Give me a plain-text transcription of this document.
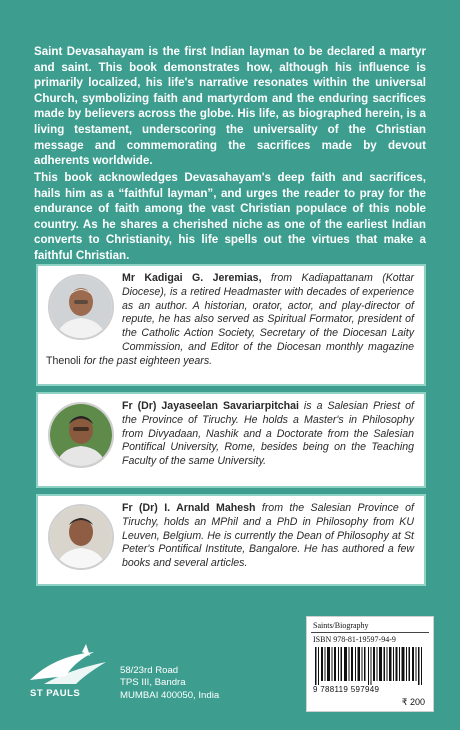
Saint Devasahayam is the first Indian layman to be declared a martyr and saint. This book demonstrates how, although his influence is primarily localized, his life's narrative resonates within the universal Church, symbolizing faith and martyrdom and the enduring sacrifices made by believers across the globe. His life, as biographed herein, is a living testament, underscoring the universality of the Christian message and commemorating the sacrifices made by devout adherents worldwide.

This book acknowledges Devasahayam's deep faith and sacrifices, hails him as a “faithful layman”, and urges the reader to pray for the endurance of faith among the vast Christian populace of this noble country. As he shares a cherished niche as one of the earliest Indian converts to Christianity, his life spells out the virtues that make a faithful Christian.

Mr Kadigai G. Jeremias, from Kadiapattanam (Kottar Diocese), is a retired Headmaster with decades of experience as an author. A historian, orator, actor, and play-director of repute, he has also served as Spiritual Formator, president of the Catholic Action Society, Secretary of the Diocesan Laity Commission, and Editor of the Diocesan monthly magazine Thenoli for the past eighteen years.
Fr (Dr) Jayaseelan Savariarpitchai is a Salesian Priest of the Province of Tiruchy. He holds a Master's in Philosophy from Divyadaan, Nashik and a Doctorate from the Salesian Pontifical University, Rome, besides being on the Teaching Faculty of the same University.
Fr (Dr) I. Arnald Mahesh from the Salesian Province of Tiruchy, holds an MPhil and a PhD in Philosophy from KU Leuven, Belgium. He is currently the Dean of Philosophy at St Peter's Pontifical Institute, Bangalore. He has authored a few books and several articles.
ST PAULS
58/23rd Road
TPS III, Bandra
MUMBAI 400050, India
Saints/Biography
ISBN 978-81-19597-94-9
9 788119 597949
₹ 200
